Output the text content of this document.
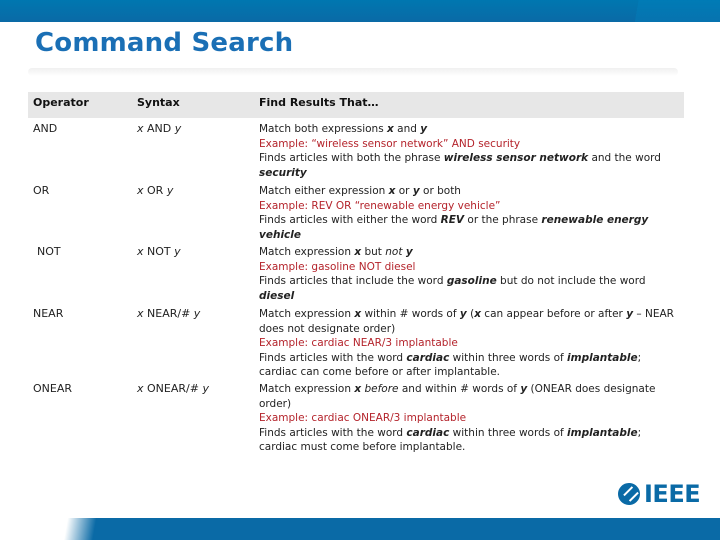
Command Search
Operator	Syntax	Find Results That…
AND	x AND y	Match both expressions x and y
Example: “wireless sensor network” AND security
Finds articles with both the phrase wireless sensor network and the word
security
OR	x OR y	Match either expression x or y or both
Example: REV OR “renewable energy vehicle”
Finds articles with either the word REV or the phrase renewable energy
vehicle
NOT	x NOT y	Match expression x but not y
Example: gasoline NOT diesel
Finds articles that include the word gasoline but do not include the word
diesel
NEAR	x NEAR/# y	Match expression x within # words of y (x can appear before or after y – NEAR
does not designate order)
Example: cardiac NEAR/3 implantable
Finds articles with the word cardiac within three words of implantable;
cardiac can come before or after implantable.
ONEAR	x ONEAR/# y	Match expression x before and within # words of y (ONEAR does designate
order)
Example: cardiac ONEAR/3 implantable
Finds articles with the word cardiac within three words of implantable;
cardiac must come before implantable.
IEEE
